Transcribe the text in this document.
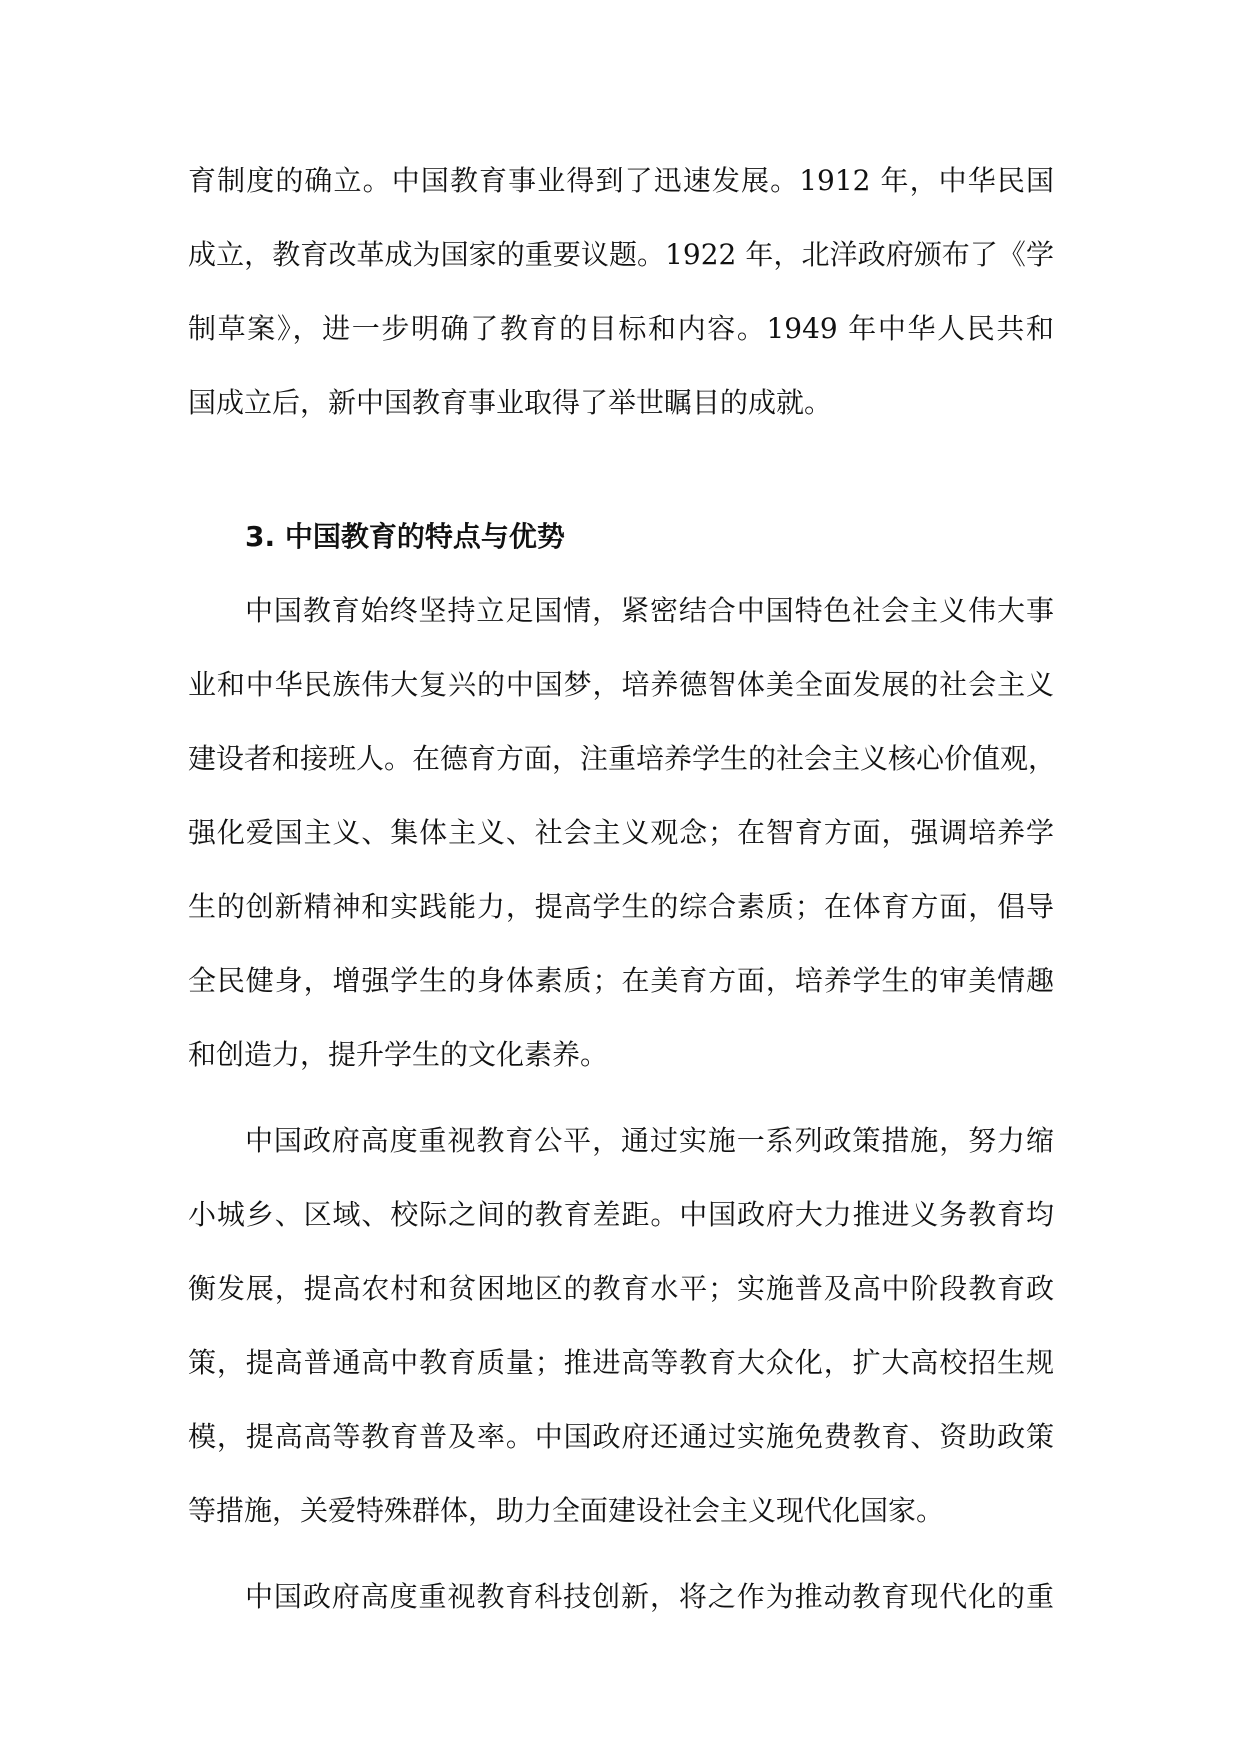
育制度的确立。中国教育事业得到了迅速发展。1912 年，中华民国
成立，教育改革成为国家的重要议题。1922 年，北洋政府颁布了《学
制草案》，进一步明确了教育的目标和内容。1949 年中华人民共和
国成立后，新中国教育事业取得了举世瞩目的成就。
3. 中国教育的特点与优势
中国教育始终坚持立足国情，紧密结合中国特色社会主义伟大事
业和中华民族伟大复兴的中国梦，培养德智体美全面发展的社会主义
建设者和接班人。在德育方面，注重培养学生的社会主义核心价值观，
强化爱国主义、集体主义、社会主义观念；在智育方面，强调培养学
生的创新精神和实践能力，提高学生的综合素质；在体育方面，倡导
全民健身，增强学生的身体素质；在美育方面，培养学生的审美情趣
和创造力，提升学生的文化素养。
中国政府高度重视教育公平，通过实施一系列政策措施，努力缩
小城乡、区域、校际之间的教育差距。中国政府大力推进义务教育均
衡发展，提高农村和贫困地区的教育水平；实施普及高中阶段教育政
策，提高普通高中教育质量；推进高等教育大众化，扩大高校招生规
模，提高高等教育普及率。中国政府还通过实施免费教育、资助政策
等措施，关爱特殊群体，助力全面建设社会主义现代化国家。
中国政府高度重视教育科技创新，将之作为推动教育现代化的重
